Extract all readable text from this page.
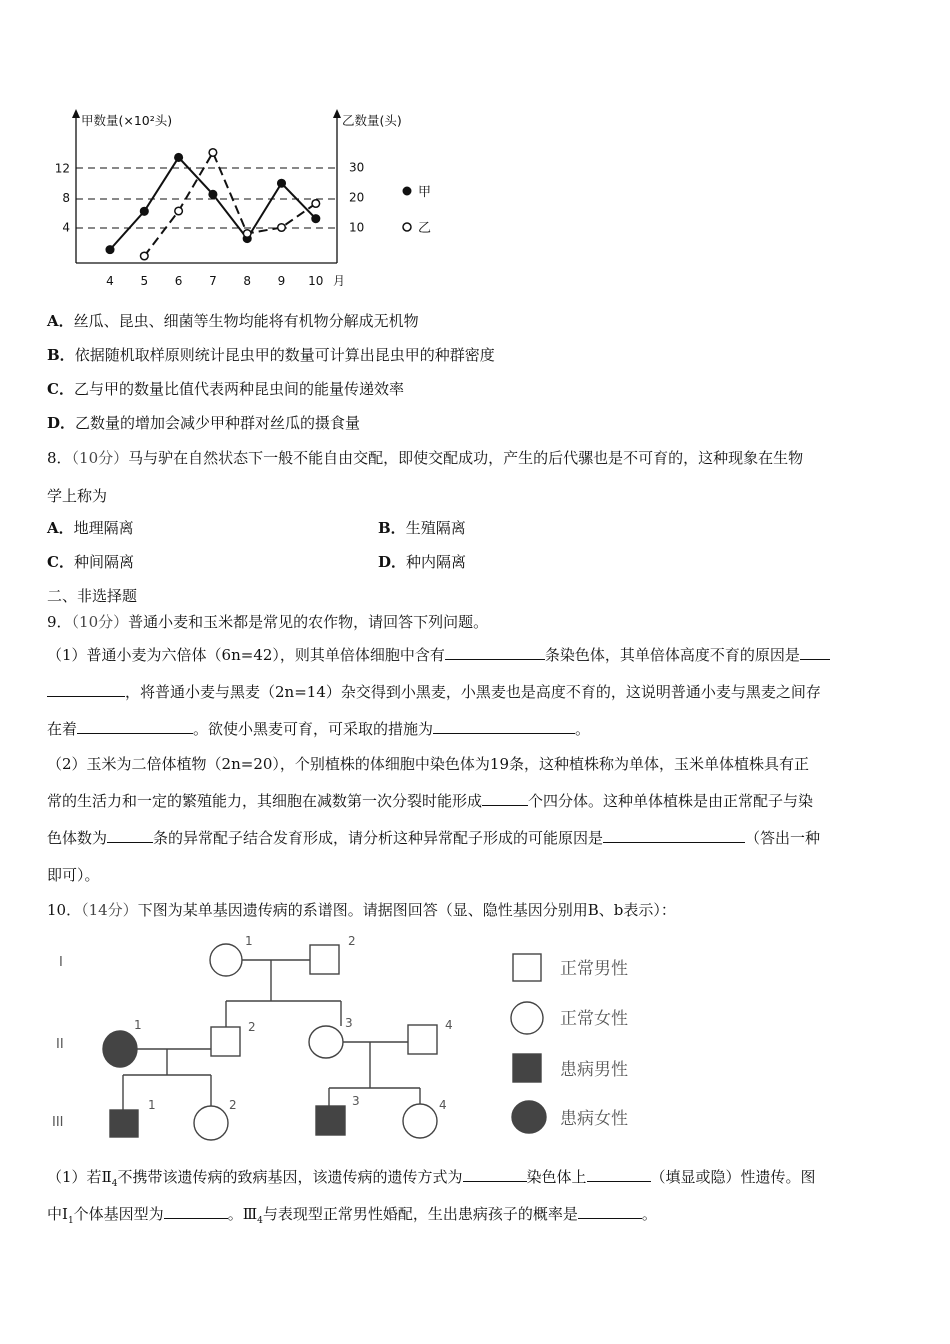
甲数量(×10²头)	乙数量(头)
4
8
12
10
20
30
4 5 6 7 8 9 10 月
甲
乙
A．丝瓜、昆虫、细菌等生物均能将有机物分解成无机物
B．依据随机取样原则统计昆虫甲的数量可计算出昆虫甲的种群密度
C．乙与甲的数量比值代表两种昆虫间的能量传递效率
D．乙数量的增加会减少甲种群对丝瓜的摄食量
8．（10分）马与驴在自然状态下一般不能自由交配，即使交配成功，产生的后代骡也是不可育的，这种现象在生物
学上称为
A．地理隔离	B．生殖隔离
C．种间隔离	D．种内隔离
二、非选择题
9．（10分）普通小麦和玉米都是常见的农作物，请回答下列问题。
（1）普通小麦为六倍体（6n=42），则其单倍体细胞中含有	条染色体，其单倍体高度不育的原因是
，将普通小麦与黑麦（2n=14）杂交得到小黑麦，小黑麦也是高度不育的，这说明普通小麦与黑麦之间存
在着	。欲使小黑麦可育，可采取的措施为	。
（2）玉米为二倍体植物（2n=20），个别植株的体细胞中染色体为19条，这种植株称为单体，玉米单体植株具有正
常的生活力和一定的繁殖能力，其细胞在减数第一次分裂时能形成	个四分体。这种单体植株是由正常配子与染
色体数为	条的异常配子结合发育形成，请分析这种异常配子形成的可能原因是	（答出一种
即可）。
10．（14分）下图为某单基因遗传病的系谱图。请据图回答（显、隐性基因分别用B、b表示）：
I
II
III
1	2
1	2	3	4
1	2	3	4
正常男性
正常女性
患病男性
患病女性
（1）若$Ⅱ_4$不携带该遗传病的致病基因，该遗传病的遗传方式为	染色体上	（填显或隐）性遗传。图
中$Ⅰ_1$个体基因型为	。$Ⅲ_4$与表现型正常男性婚配，生出患病孩子的概率是	。
